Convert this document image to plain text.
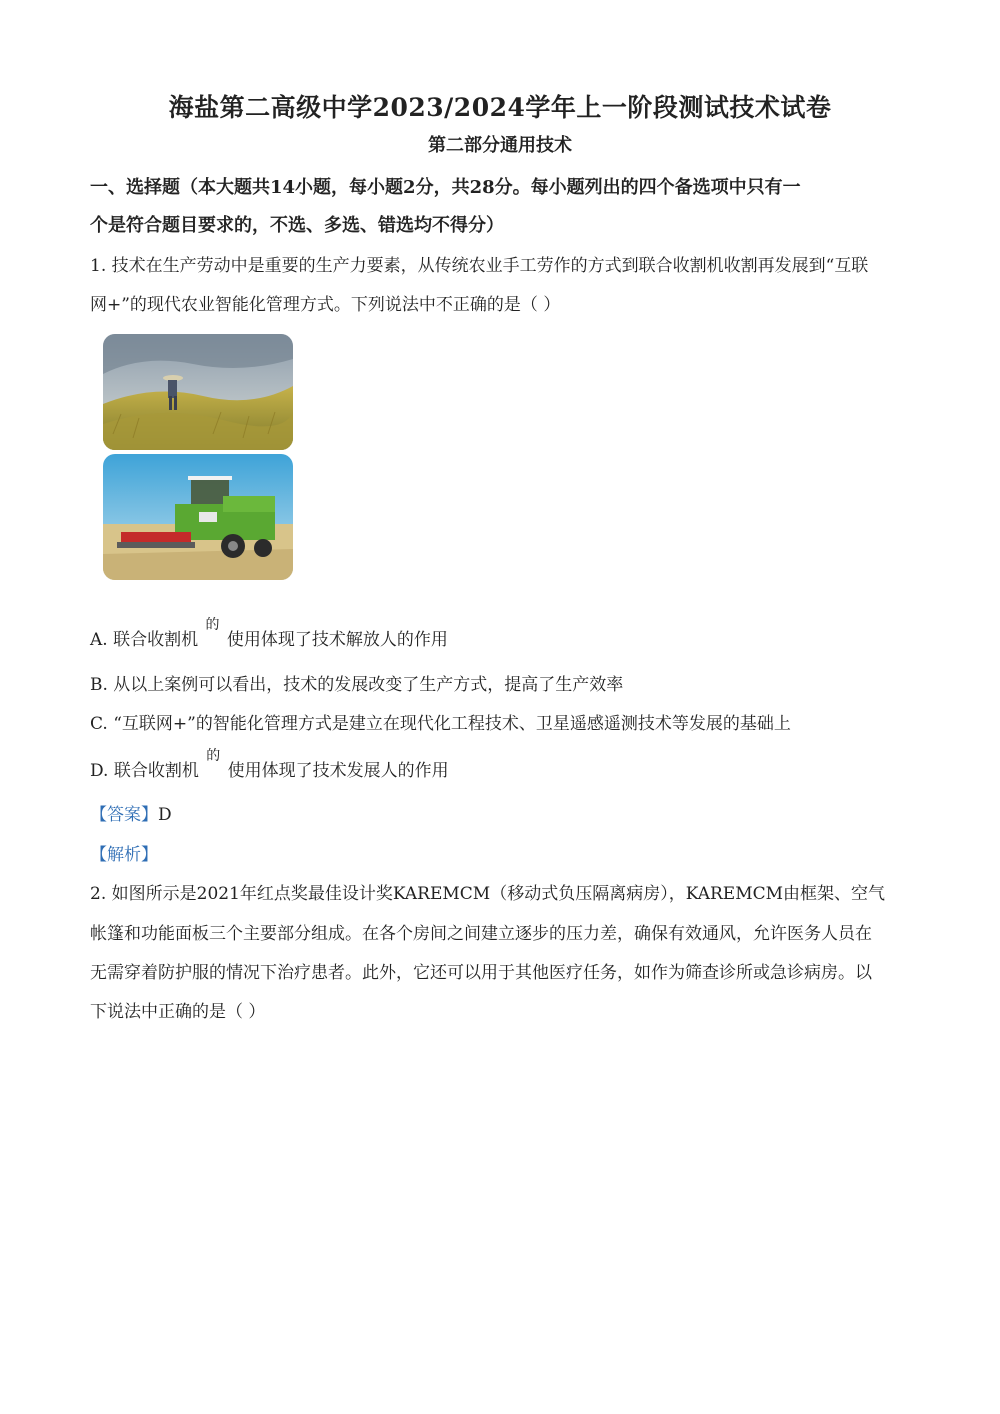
海盐第二高级中学2023/2024学年上一阶段测试技术试卷
第二部分通用技术
一、选择题（本大题共14小题，每小题2分，共28分。每小题列出的四个备选项中只有一
个是符合题目要求的，不选、多选、错选均不得分）
1. 技术在生产劳动中是重要的生产力要素，从传统农业手工劳作的方式到联合收割机收割再发展到“互联
网+”的现代农业智能化管理方式。下列说法中不正确的是（ ）
A. 联合收割机 $^的$ 使用体现了技术解放人的作用
B. 从以上案例可以看出，技术的发展改变了生产方式，提高了生产效率
C. “互联网+”的智能化管理方式是建立在现代化工程技术、卫星遥感遥测技术等发展的基础上
D. 联合收割机 $^的$ 使用体现了技术发展人的作用
【答案】D
【解析】
2. 如图所示是2021年红点奖最佳设计奖KAREMCM（移动式负压隔离病房），KAREMCM由框架、空气
帐篷和功能面板三个主要部分组成。在各个房间之间建立逐步的压力差，确保有效通风，允许医务人员在
无需穿着防护服的情况下治疗患者。此外，它还可以用于其他医疗任务，如作为筛查诊所或急诊病房。以
下说法中正确的是（ ）
